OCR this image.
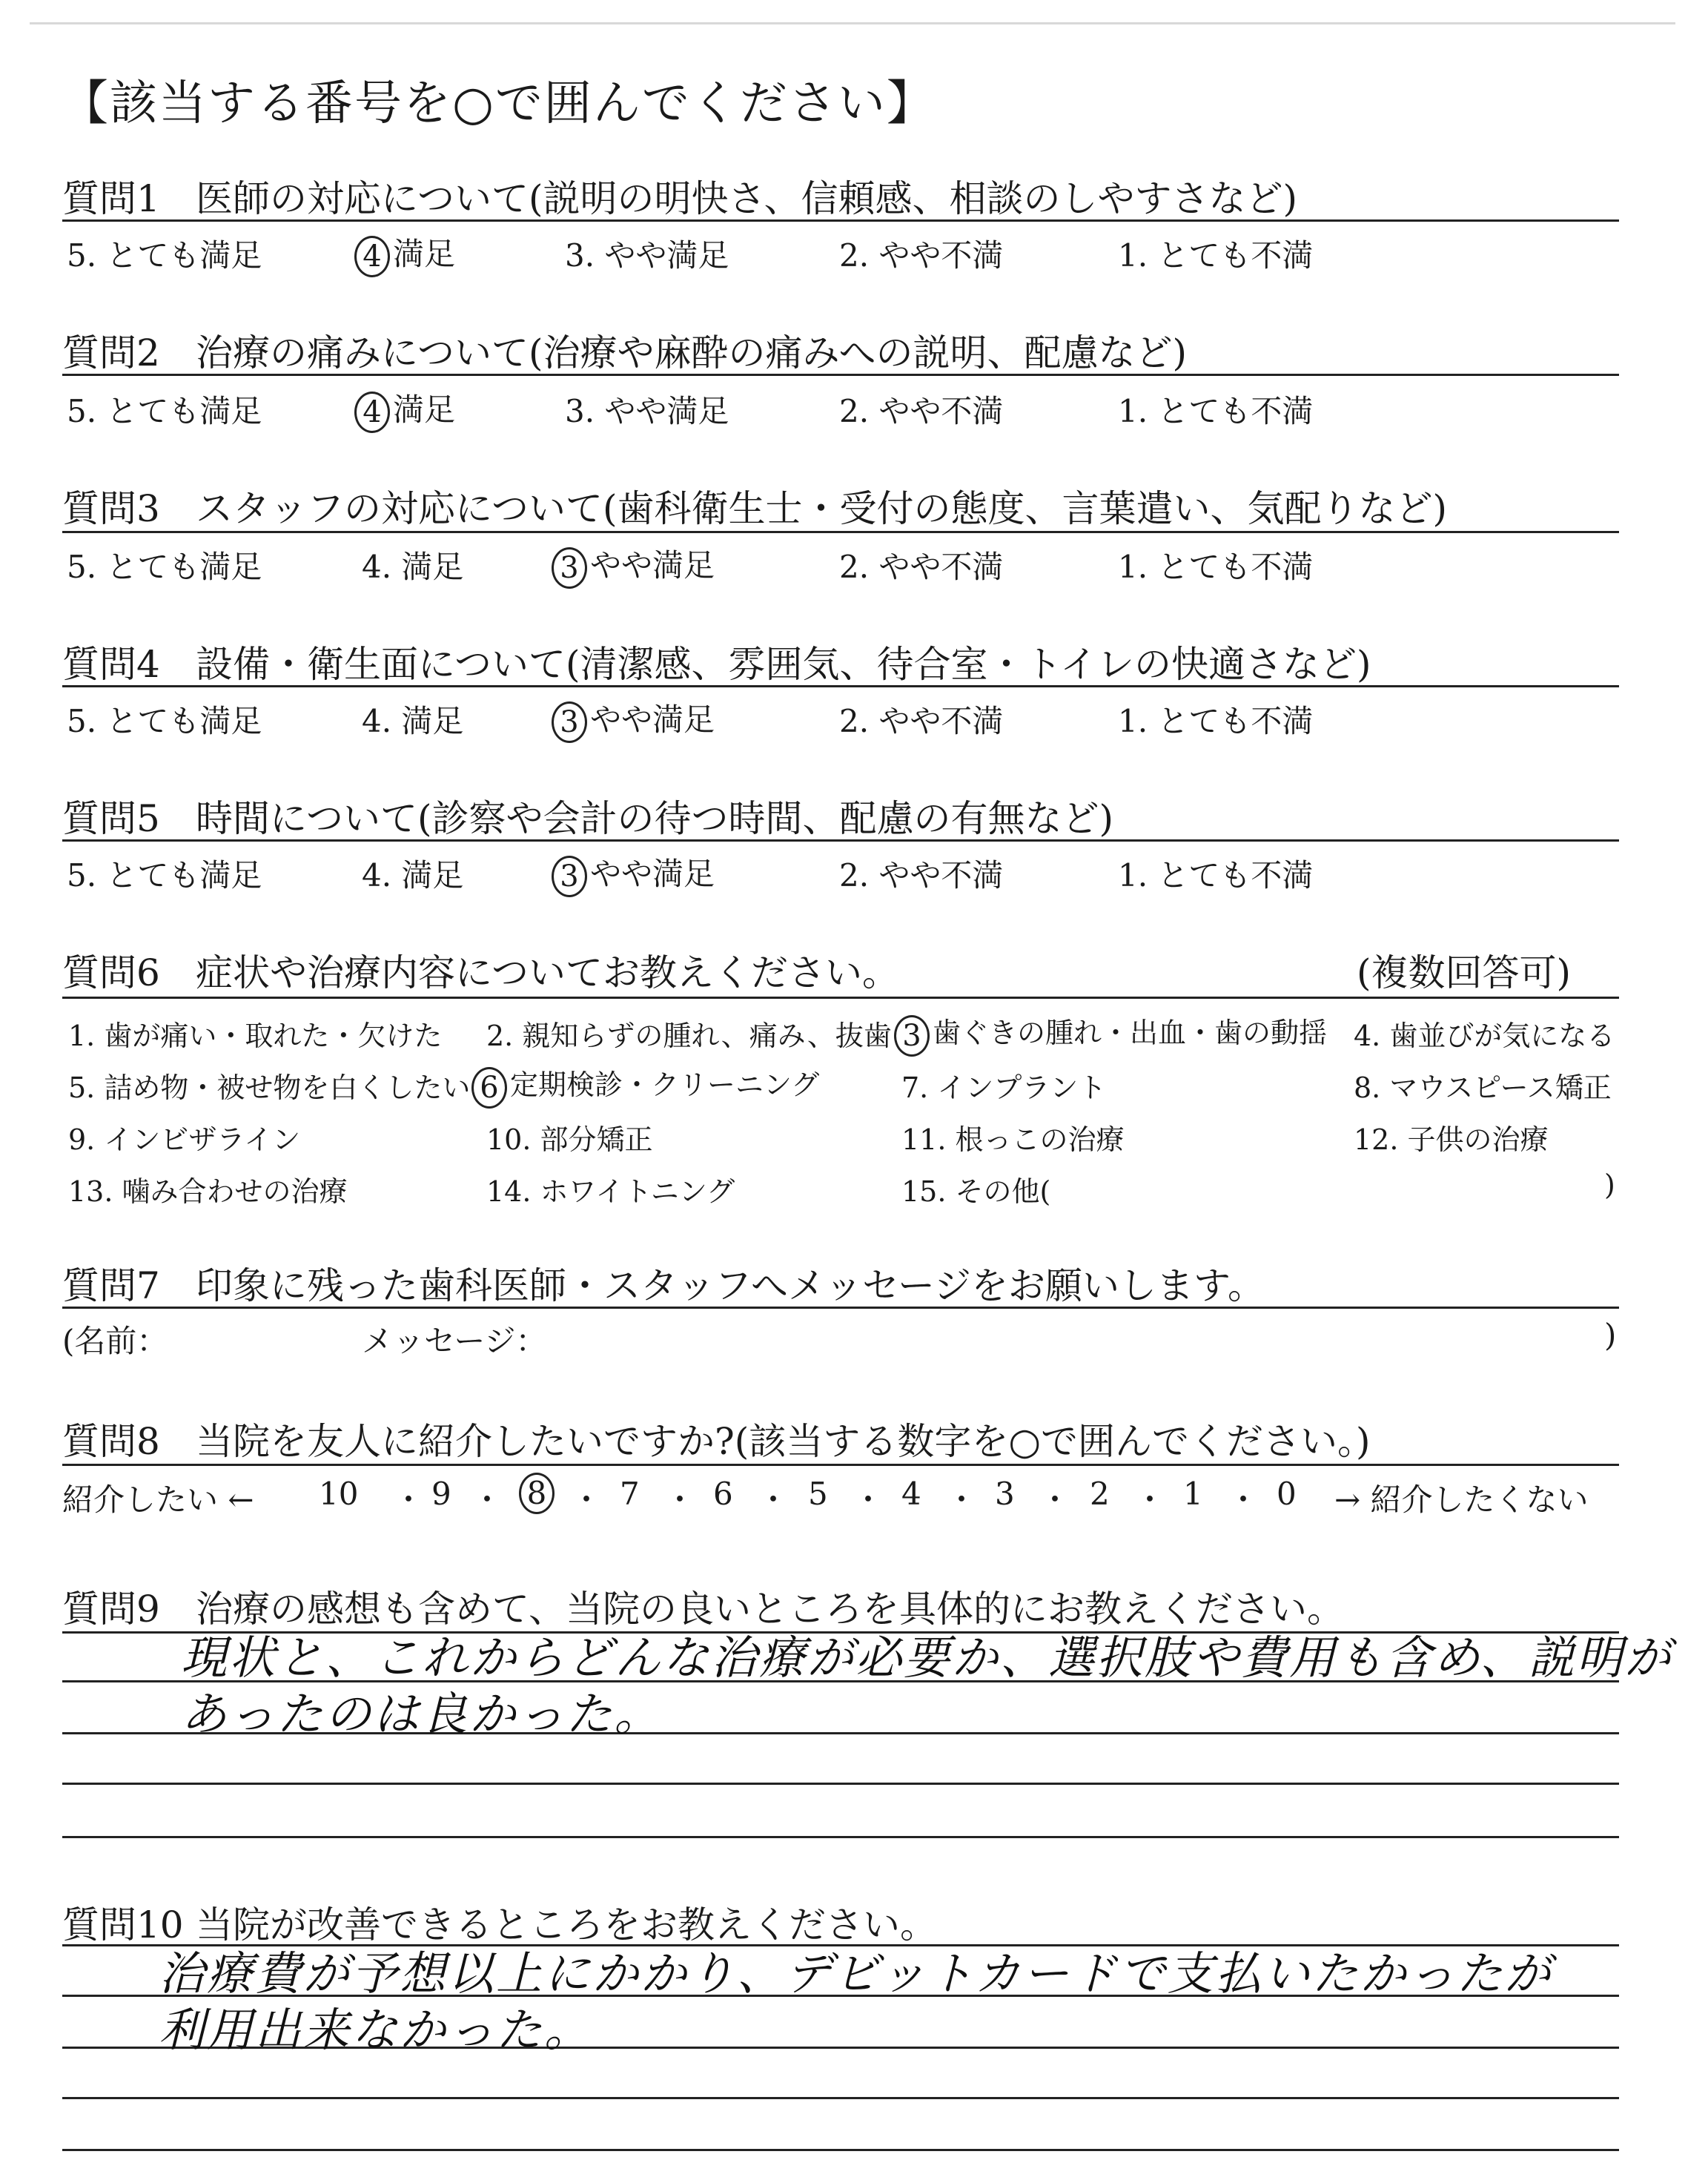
【該当する番号を○で囲んでください】
質問1 医師の対応について(説明の明快さ、信頼感、相談のしやすさなど)
5. とても満足	4 満足	3. やや満足	2. やや不満	1. とても不満
質問2 治療の痛みについて(治療や麻酔の痛みへの説明、配慮など)
5. とても満足	4 満足	3. やや満足	2. やや不満	1. とても不満
質問3 スタッフの対応について(歯科衛生士・受付の態度、言葉遣い、気配りなど)
5. とても満足	4. 満足	3 やや満足	2. やや不満	1. とても不満
質問4 設備・衛生面について(清潔感、雰囲気、待合室・トイレの快適さなど)
5. とても満足	4. 満足	3 やや満足	2. やや不満	1. とても不満
質問5 時間について(診察や会計の待つ時間、配慮の有無など)
5. とても満足	4. 満足	3 やや満足	2. やや不満	1. とても不満
質問6 症状や治療内容についてお教えください。	(複数回答可)
1. 歯が痛い・取れた・欠けた 2. 親知らずの腫れ、痛み、抜歯 3 歯ぐきの腫れ・出血・歯の動揺 4. 歯並びが気になる
5. 詰め物・被せ物を白くしたい 6 定期検診・クリーニング	7. インプラント	8. マウスピース矯正
9. インビザライン	10. 部分矯正	11. 根っこの治療	12. 子供の治療
13. 噛み合わせの治療	14. ホワイトニング	15. その他(	)
質問7 印象に残った歯科医師・スタッフへメッセージをお願いします。
(名前：	メッセージ：	)
質問8 当院を友人に紹介したいですか?(該当する数字を○で囲んでください。)
紹介したい ← 10 ・ 9 ・ 8 ・ 7 ・ 6 ・ 5 ・ 4 ・ 3 ・ 2 ・ 1 ・ 0 → 紹介したくない
質問9 治療の感想も含めて、当院の良いところを具体的にお教えください。
現状と、これからどんな治療が必要か、選択肢や費用も含め、説明が
あったのは良かった。
質問10 当院が改善できるところをお教えください。
治療費が予想以上にかかり、デビットカードで支払いたかったが
利用出来なかった。
